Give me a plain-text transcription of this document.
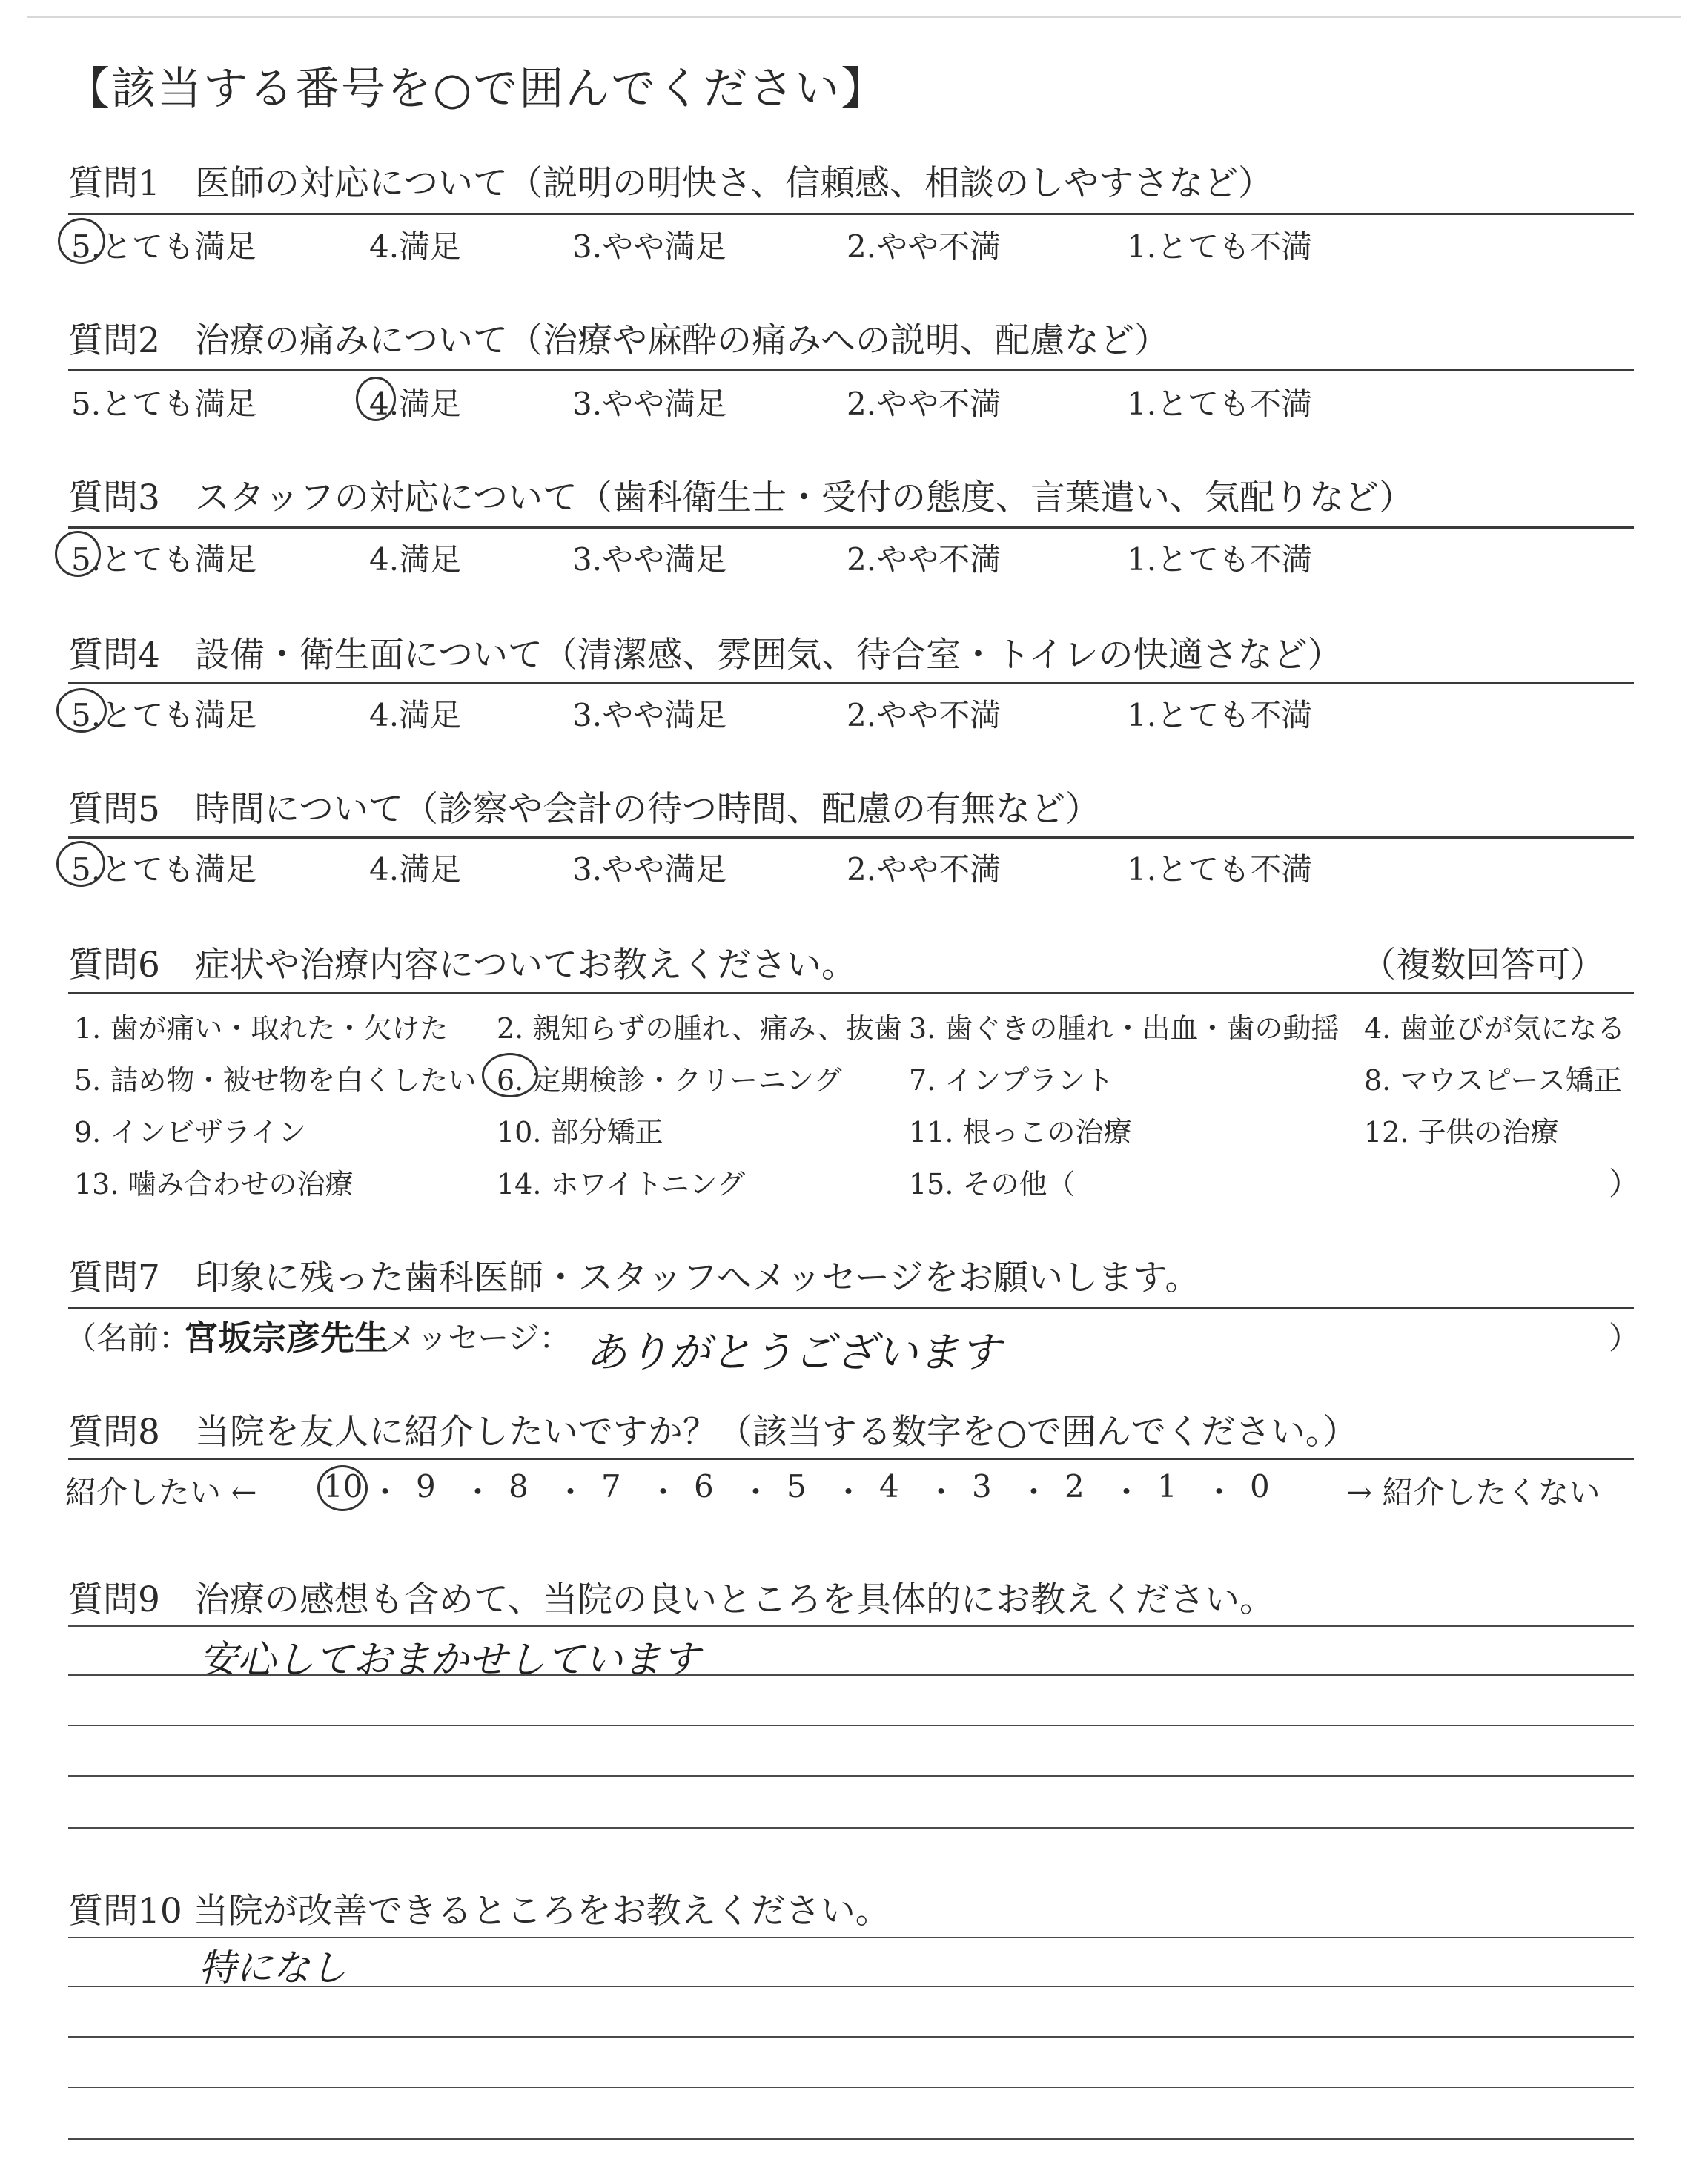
【該当する番号を○で囲んでください】
質問1　医師の対応について（説明の明快さ、信頼感、相談のしやすさなど）
5.とても満足	4.満足	3.やや満足	2.やや不満	1.とても不満
質問2　治療の痛みについて（治療や麻酔の痛みへの説明、配慮など）
5.とても満足	4.満足	3.やや満足	2.やや不満	1.とても不満
質問3　スタッフの対応について（歯科衛生士・受付の態度、言葉遣い、気配りなど）
5.とても満足	4.満足	3.やや満足	2.やや不満	1.とても不満
質問4　設備・衛生面について（清潔感、雰囲気、待合室・トイレの快適さなど）
5.とても満足	4.満足	3.やや満足	2.やや不満	1.とても不満
質問5　時間について（診察や会計の待つ時間、配慮の有無など）
5.とても満足	4.満足	3.やや満足	2.やや不満	1.とても不満
質問6　症状や治療内容についてお教えください。	（複数回答可）
1. 歯が痛い・取れた・欠けた 2. 親知らずの腫れ、痛み、抜歯 3. 歯ぐきの腫れ・出血・歯の動揺 4. 歯並びが気になる
5. 詰め物・被せ物を白くしたい 6. 定期検診・クリーニング 7. インプラント	8. マウスピース矯正
9. インビザライン	10. 部分矯正	11. 根っこの治療	12. 子供の治療
13. 噛み合わせの治療	14. ホワイトニング	15. その他（	）
質問7　印象に残った歯科医師・スタッフへメッセージをお願いします。
（名前：
宮坂宗彦先生
メッセージ： ありがとうございます	）
質問8　当院を友人に紹介したいですか？（該当する数字を○で囲んでください。）
紹介したい ← 10 ・ 9 ・ 8 ・ 7 ・ 6 ・ 5 ・ 4 ・ 3 ・ 2 ・ 1 ・ 0 → 紹介したくない
質問9　治療の感想も含めて、当院の良いところを具体的にお教えください。
安心しておまかせしています
質問10 当院が改善できるところをお教えください。
特になし
